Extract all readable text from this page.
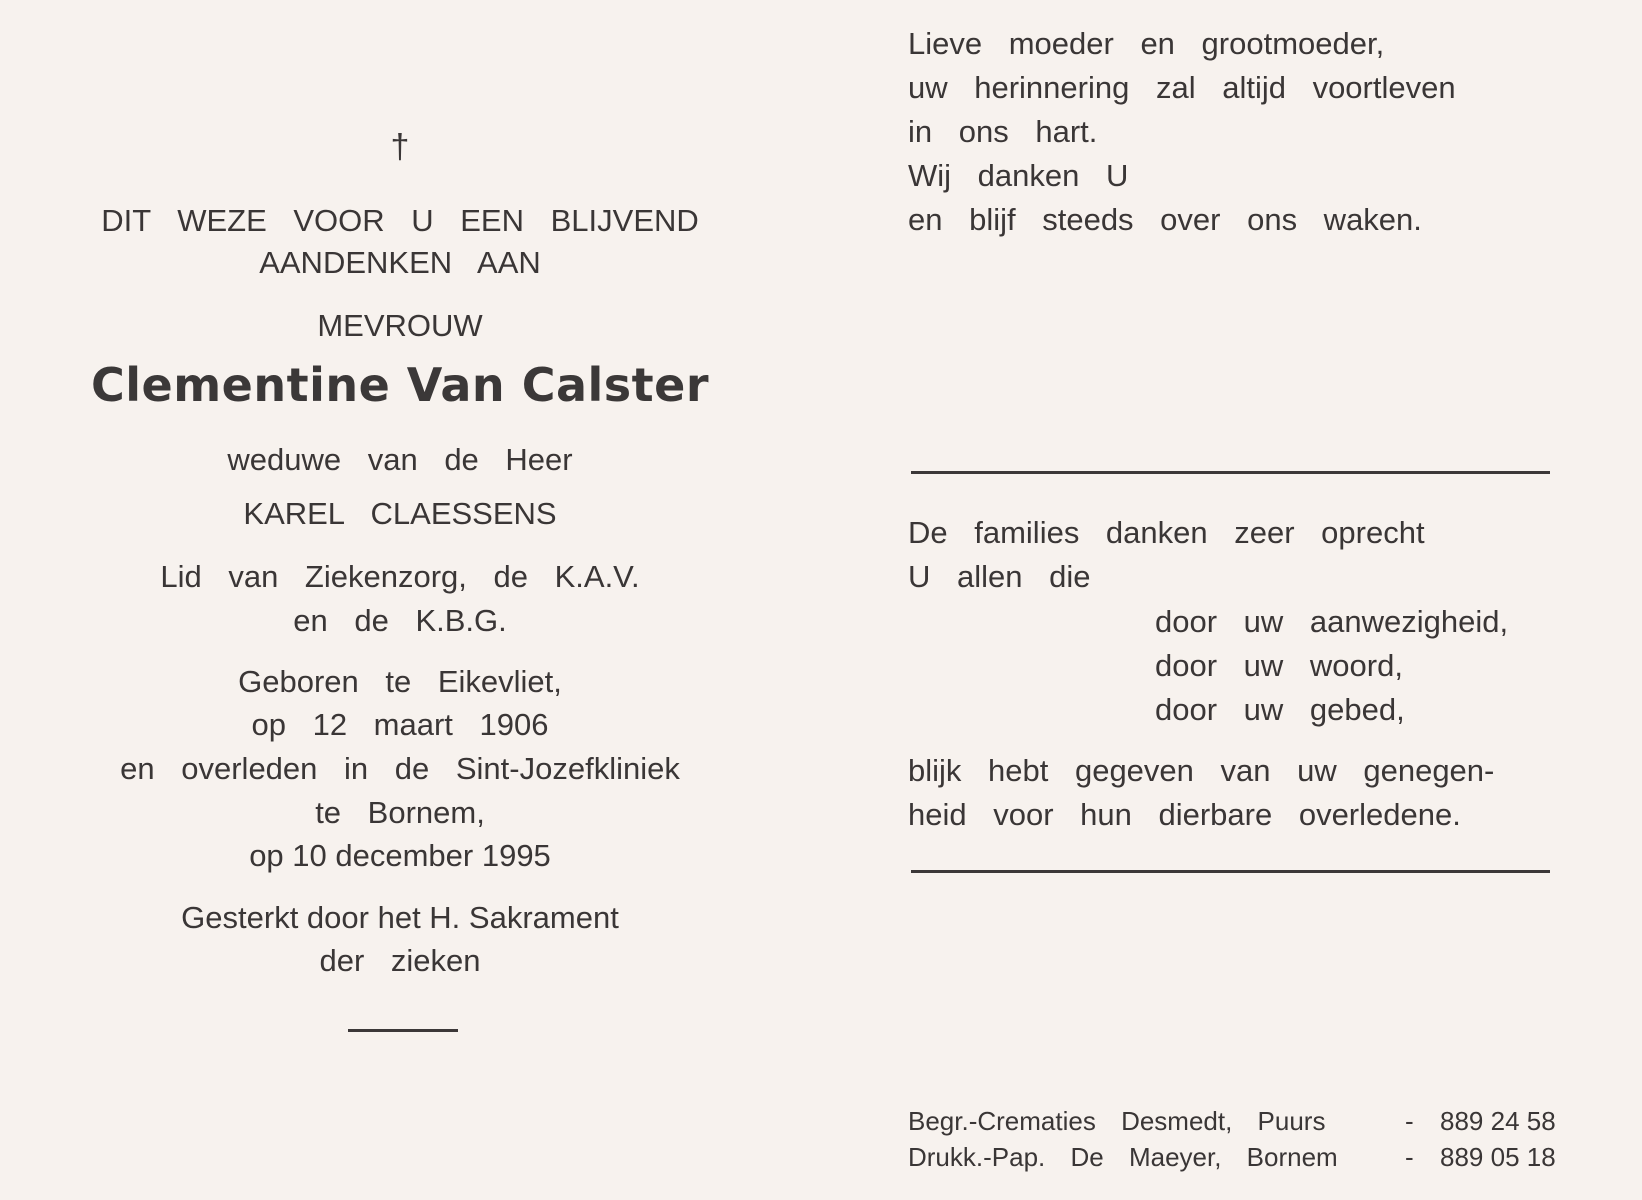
†
DIT WEZE VOOR U EEN BLIJVEND
AANDENKEN AAN
MEVROUW
Clementine Van Calster
weduwe van de Heer
KAREL CLAESSENS
Lid van Ziekenzorg, de K.A.V.
en de K.B.G.
Geboren te Eikevliet,
op 12 maart 1906
en overleden in de Sint-Jozefkliniek
te Bornem,
op 10 december 1995
Gesterkt door het H. Sakrament
der zieken
Lieve moeder en grootmoeder,
uw herinnering zal altijd voortleven
in ons hart.
Wij danken U
en blijf steeds over ons waken.
De families danken zeer oprecht
U allen die
door uw aanwezigheid,
door uw woord,
door uw gebed,
blijk hebt gegeven van uw genegen-
heid voor hun dierbare overledene.
Begr.-Crematies Desmedt, Puurs	- 889 24 58
Drukk.-Pap. De Maeyer, Bornem	- 889 05 18
